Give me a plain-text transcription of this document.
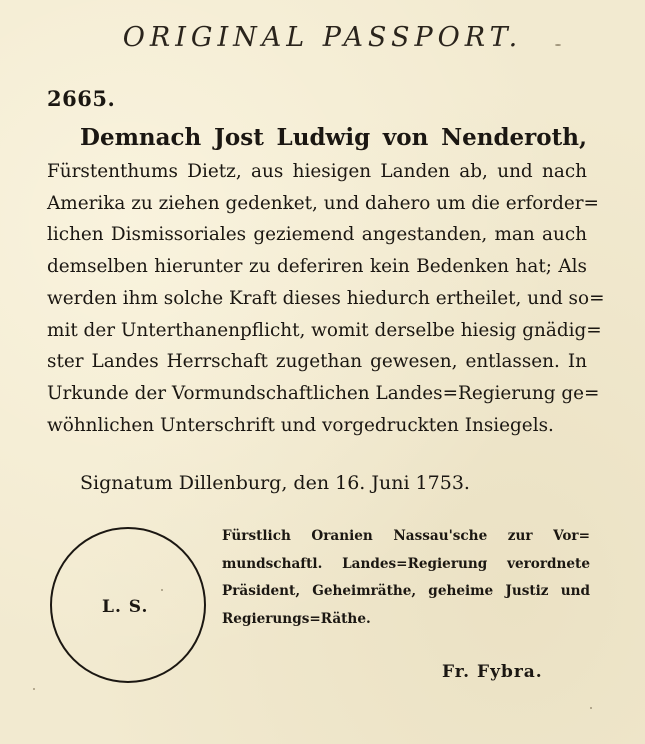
ORIGINAL PASSPORT.
2665.
Demnach Jost Ludwig von Nenderoth,
Fürstenthums Dietz, aus hiesigen Landen ab, und nach
Amerika zu ziehen gedenket, und dahero um die erforder=
lichen Dismissoriales geziemend angestanden, man auch
demselben hierunter zu deferiren kein Bedenken hat; Als
werden ihm solche Kraft dieses hiedurch ertheilet, und so=
mit der Unterthanenpflicht, womit derselbe hiesig gnädig=
ster Landes Herrschaft zugethan gewesen, entlassen. In
Urkunde der Vormundschaftlichen Landes=Regierung ge=
wöhnlichen Unterschrift und vorgedruckten Insiegels.
Signatum Dillenburg, den 16. Juni 1753.
L. S.
Fürstlich Oranien Nassau'sche zur Vor=
mundschaftl. Landes=Regierung verordnete
Präsident, Geheimräthe, geheime Justiz und
Regierungs=Räthe.
Fr. Fybra.
